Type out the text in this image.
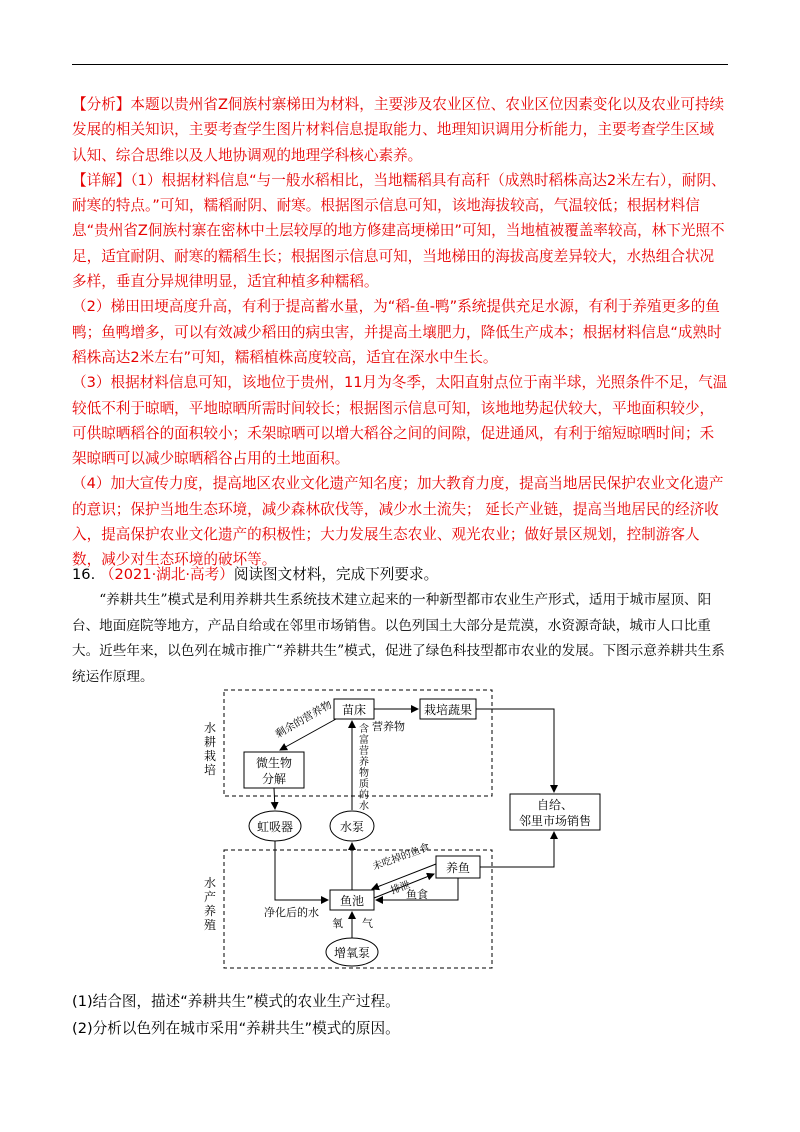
【分析】本题以贵州省Z侗族村寨梯田为材料，主要涉及农业区位、农业区位因素变化以及农业可持续发展的相关知识，主要考查学生图片材料信息提取能力、地理知识调用分析能力，主要考查学生区域认知、综合思维以及人地协调观的地理学科核心素养。

【详解】（1）根据材料信息“与一般水稻相比，当地糯稻具有高秆（成熟时稻株高达2米左右），耐阴、耐寒的特点。”可知，糯稻耐阴、耐寒。根据图示信息可知，该地海拔较高，气温较低；根据材料信息“贵州省Z侗族村寨在密林中土层较厚的地方修建高埂梯田”可知，当地植被覆盖率较高，林下光照不足，适宜耐阴、耐寒的糯稻生长；根据图示信息可知，当地梯田的海拔高度差异较大，水热组合状况多样，垂直分异规律明显，适宜种植多种糯稻。

（2）梯田田埂高度升高，有利于提高蓄水量，为“稻-鱼-鸭”系统提供充足水源，有利于养殖更多的鱼鸭；鱼鸭增多，可以有效减少稻田的病虫害，并提高土壤肥力，降低生产成本；根据材料信息“成熟时稻株高达2米左右”可知，糯稻植株高度较高，适宜在深水中生长。

（3）根据材料信息可知，该地位于贵州，11月为冬季，太阳直射点位于南半球，光照条件不足，气温较低不利于晾晒，平地晾晒所需时间较长；根据图示信息可知，该地地势起伏较大，平地面积较少，可供晾晒稻谷的面积较小；禾架晾晒可以增大稻谷之间的间隙，促进通风，有利于缩短晾晒时间；禾架晾晒可以减少晾晒稻谷占用的土地面积。

（4）加大宣传力度，提高地区农业文化遗产知名度；加大教育力度，提高当地居民保护农业文化遗产的意识；保护当地生态环境，减少森林砍伐等，减少水土流失； 延长产业链，提高当地居民的经济收入，提高保护农业文化遗产的积极性；大力发展生态农业、观光农业；做好景区规划，控制游客人数，减少对生态环境的破坏等。

16. （2021·湖北·高考）阅读图文材料，完成下列要求。
“养耕共生”模式是利用养耕共生系统技术建立起来的一种新型都市农业生产形式，适用于城市屋顶、阳台、地面庭院等地方，产品自给或在邻里市场销售。以色列国土大部分是荒漠，水资源奇缺，城市人口比重大。近些年来，以色列在城市推广“养耕共生”模式，促进了绿色科技型都市农业的发展。下图示意养耕共生系统运作原理。
水
耕
栽
培
水
产
养
殖
苗床	栽培蔬果
微生物
分解
虹吸器	水泵
鱼池
养鱼
增氧泵
自给、
邻里市场销售
剩余的营养物	营养物
含
富
营
养
物
质
的
水
净化后的水
氧 气
未吃掉的鱼食
排泄
鱼食
(1)结合图，描述“养耕共生”模式的农业生产过程。
(2)分析以色列在城市采用“养耕共生”模式的原因。
